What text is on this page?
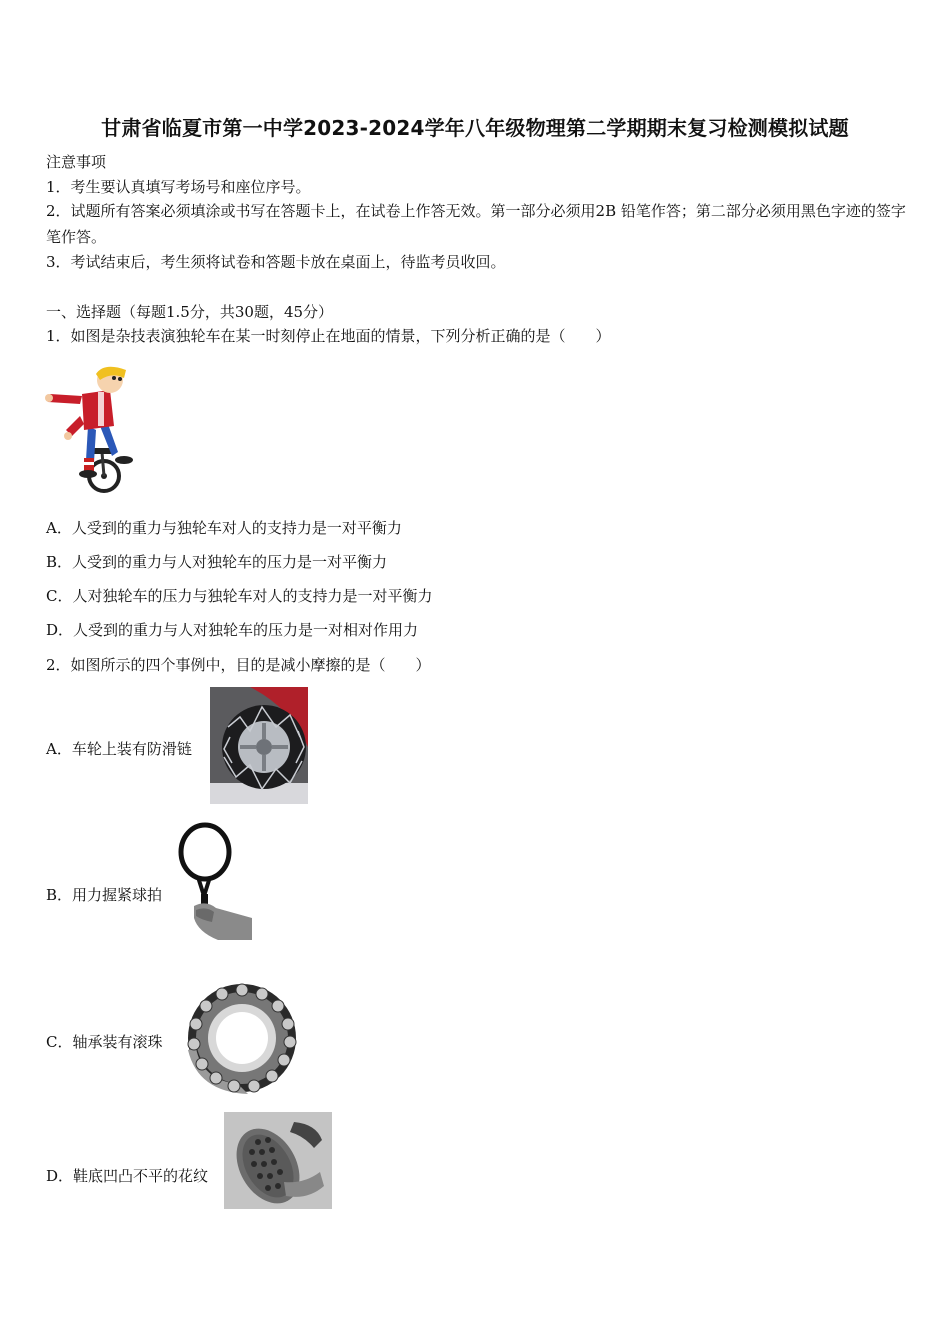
甘肃省临夏市第一中学2023-2024学年八年级物理第二学期期末复习检测模拟试题
注意事项
1．考生要认真填写考场号和座位序号。
2．试题所有答案必须填涂或书写在答题卡上，在试卷上作答无效。第一部分必须用2B 铅笔作答；第二部分必须用黑色字迹的签字笔作答。
3．考试结束后，考生须将试卷和答题卡放在桌面上，待监考员收回。
一、选择题（每题1.5分，共30题，45分）
1．如图是杂技表演独轮车在某一时刻停止在地面的情景，下列分析正确的是（　　）
A．人受到的重力与独轮车对人的支持力是一对平衡力
B．人受到的重力与人对独轮车的压力是一对平衡力
C．人对独轮车的压力与独轮车对人的支持力是一对平衡力
D．人受到的重力与人对独轮车的压力是一对相对作用力
2．如图所示的四个事例中，目的是减小摩擦的是（　　）
A．车轮上装有防滑链
B．用力握紧球拍
C．轴承装有滚珠
D．鞋底凹凸不平的花纹
